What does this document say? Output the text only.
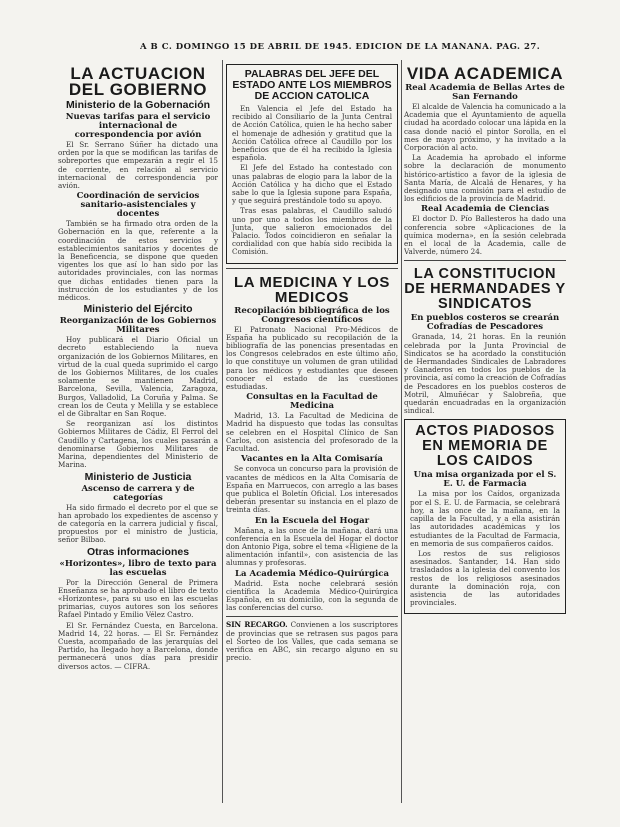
A B C. DOMINGO 15 DE ABRIL DE 1945. EDICION DE LA MAÑANA. PAG. 27.
LA ACTUACION DEL GOBIERNO
Ministerio de la Gobernación
Nuevas tarifas para el servicio internacional de correspondencia por avión

El Sr. Serrano Súñer ha dictado una orden por la que se modifican las tarifas de sobreportes que empezarán a regir el 15 de corriente, en relación al servicio internacional de correspondencia por avión.

Coordinación de servicios sanitario-asistenciales y docentes

También se ha firmado otra orden de la Gobernación en la que, referente a la coordinación de estos servicios y establecimientos sanitarios y docentes de la Beneficencia, se dispone que queden vigentes los que así lo han sido por las autoridades provinciales, con las normas que dichas entidades tienen para la instrucción de los estudiantes y de los médicos.

Ministerio del Ejército
Reorganización de los Gobiernos Militares

Hoy publicará el Diario Oficial un decreto estableciendo la nueva organización de los Gobiernos Militares, en virtud de la cual queda suprimido el cargo de los Gobiernos Militares, de los cuales solamente se mantienen Madrid, Barcelona, Sevilla, Valencia, Zaragoza, Burgos, Valladolid, La Coruña y Palma. Se crean los de Ceuta y Melilla y se establece el de Gibraltar en San Roque.

Se reorganizan así los distintos Gobiernos Militares de Cádiz, El Ferrol del Caudillo y Cartagena, los cuales pasarán a denominarse Gobiernos Militares de Marina, dependientes del Ministerio de Marina.

Ministerio de Justicia
Ascenso de carrera y de categorías

Ha sido firmado el decreto por el que se han aprobado los expedientes de ascenso y de categoría en la carrera judicial y fiscal, propuestos por el ministro de Justicia, señor Bilbao.

Otras informaciones
«Horizontes», libro de texto para las escuelas

Por la Dirección General de Primera Enseñanza se ha aprobado el libro de texto «Horizontes», para su uso en las escuelas primarias, cuyos autores son los señores Rafael Pintado y Emilio Vélez Castro.

El Sr. Fernández Cuesta, en Barcelona. Madrid 14, 22 horas. — El Sr. Fernández Cuesta, acompañado de las jerarquías del Partido, ha llegado hoy a Barcelona, donde permanecerá unos días para presidir diversos actos. — CIFRA.

PALABRAS DEL JEFE DEL ESTADO ANTE LOS MIEMBROS DE ACCION CATOLICA

En Valencia el Jefe del Estado ha recibido al Consiliario de la Junta Central de Acción Católica, quien le ha hecho saber el homenaje de adhesión y gratitud que la Acción Católica ofrece al Caudillo por los beneficios que de él ha recibido la Iglesia española.

El Jefe del Estado ha contestado con unas palabras de elogio para la labor de la Acción Católica y ha dicho que el Estado sabe lo que la Iglesia supone para España, y que seguirá prestándole todo su apoyo.

Tras esas palabras, el Caudillo saludó uno por uno a todos los miembros de la Junta, que salieron emocionados del Palacio. Todos coincidieron en señalar la cordialidad con que había sido recibida la Comisión.

LA MEDICINA Y LOS MEDICOS
Recopilación bibliográfica de los Congresos científicos

El Patronato Nacional Pro-Médicos de España ha publicado su recopilación de la bibliografía de las ponencias presentadas en los Congresos celebrados en este último año, lo que constituye un volumen de gran utilidad para los médicos y estudiantes que deseen conocer el estado de las cuestiones estudiadas.

Consultas en la Facultad de Medicina

Madrid, 13. La Facultad de Medicina de Madrid ha dispuesto que todas las consultas se celebren en el Hospital Clínico de San Carlos, con asistencia del profesorado de la Facultad.

Vacantes en la Alta Comisaría

Se convoca un concurso para la provisión de vacantes de médicos en la Alta Comisaría de España en Marruecos, con arreglo a las bases que publica el Boletín Oficial. Los interesados deberán presentar su instancia en el plazo de treinta días.

En la Escuela del Hogar

Mañana, a las once de la mañana, dará una conferencia en la Escuela del Hogar el doctor don Antonio Piga, sobre el tema «Higiene de la alimentación infantil», con asistencia de las alumnas y profesoras.

La Academia Médico-Quirúrgica

Madrid. Esta noche celebrará sesión científica la Academia Médico-Quirúrgica Española, en su domicilio, con la segunda de las conferencias del curso.

SIN RECARGO. Convienen a los suscriptores de provincias que se retrasen sus pagos para el Sorteo de los Valles, que cada semana se verifica en ABC, sin recargo alguno en su precio.
VIDA ACADEMICA
Real Academia de Bellas Artes de San Fernando

El alcalde de Valencia ha comunicado a la Academia que el Ayuntamiento de aquella ciudad ha acordado colocar una lápida en la casa donde nació el pintor Sorolla, en el mes de mayo próximo, y ha invitado a la Corporación al acto.

La Academia ha aprobado el informe sobre la declaración de monumento histórico-artístico a favor de la iglesia de Santa María, de Alcalá de Henares, y ha designado una comisión para el estudio de los edificios de la provincia de Madrid.

Real Academia de Ciencias

El doctor D. Pío Ballesteros ha dado una conferencia sobre «Aplicaciones de la química moderna», en la sesión celebrada en el local de la Academia, calle de Valverde, número 24.

LA CONSTITUCION DE HERMANDADES Y SINDICATOS
En pueblos costeros se crearán Cofradías de Pescadores

Granada, 14, 21 horas. En la reunión celebrada por la Junta Provincial de Sindicatos se ha acordado la constitución de Hermandades Sindicales de Labradores y Ganaderos en todos los pueblos de la provincia, así como la creación de Cofradías de Pescadores en los pueblos costeros de Motril, Almuñécar y Salobreña, que quedarán encuadradas en la organización sindical.

ACTOS PIADOSOS EN MEMORIA DE LOS CAIDOS
Una misa organizada por el S. E. U. de Farmacia

La misa por los Caídos, organizada por el S. E. U. de Farmacia, se celebrará hoy, a las once de la mañana, en la capilla de la Facultad, y a ella asistirán las autoridades académicas y los estudiantes de la Facultad de Farmacia, en memoria de sus compañeros caídos.

Los restos de sus religiosos asesinados. Santander, 14. Han sido trasladados a la iglesia del convento los restos de los religiosos asesinados durante la dominación roja, con asistencia de las autoridades provinciales.
